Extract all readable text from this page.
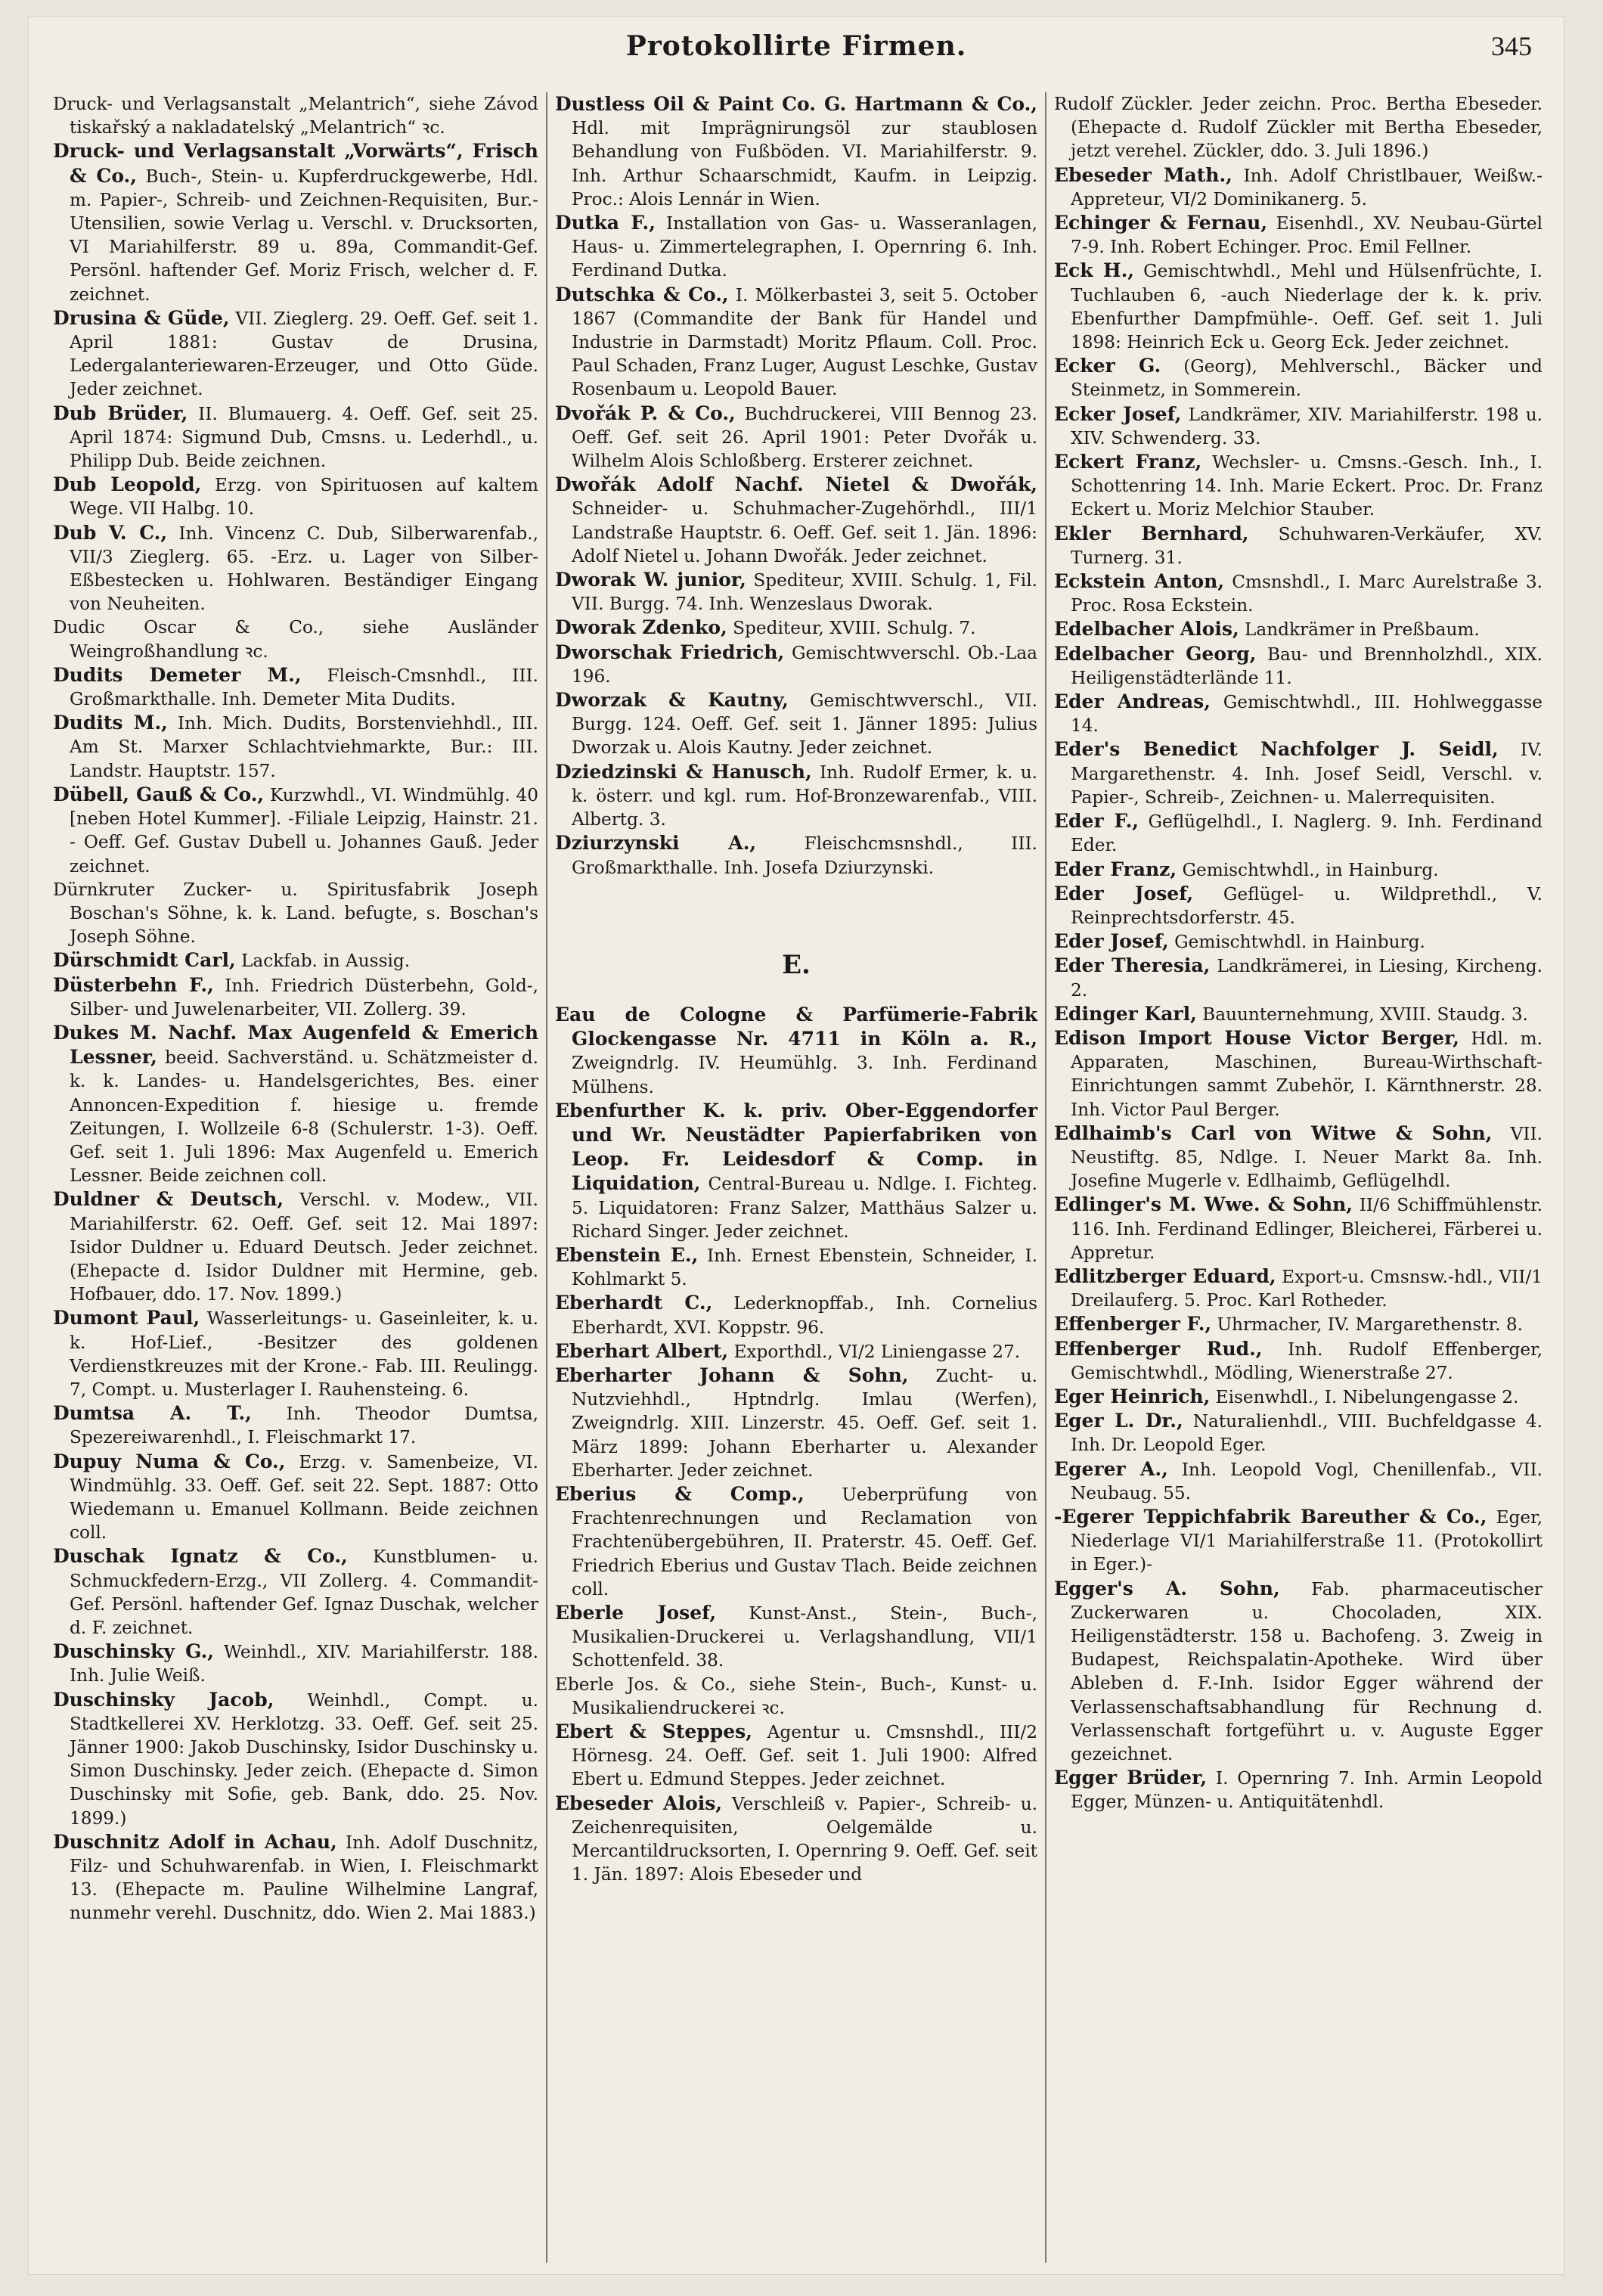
Protokollirte Firmen.	345

Druck- und Verlagsanstalt „Melantrich“, siehe Závod tiskařský a nakladatelský „Melantrich“ ꝛc.

Druck- und Verlagsanstalt „Vorwärts“, Frisch & Co., Buch-, Stein- u. Kupferdruckgewerbe, Hdl. m. Papier-, Schreib- und Zeichnen-Requisiten, Bur.-Utensilien, sowie Verlag u. Verschl. v. Drucksorten, VI Mariahilferstr. 89 u. 89a, Commandit-Gef. Persönl. haftender Gef. Moriz Frisch, welcher d. F. zeichnet.

Drusina & Güde, VII. Zieglerg. 29. Oeff. Gef. seit 1. April 1881: Gustav de Drusina, Ledergalanteriewaren-Erzeuger, und Otto Güde. Jeder zeichnet.

Dub Brüder, II. Blumauerg. 4. Oeff. Gef. seit 25. April 1874: Sigmund Dub, Cmsns. u. Lederhdl., u. Philipp Dub. Beide zeichnen.

Dub Leopold, Erzg. von Spirituosen auf kaltem Wege. VII Halbg. 10.

Dub V. C., Inh. Vincenz C. Dub, Silberwarenfab., VII/3 Zieglerg. 65. -Erz. u. Lager von Silber-Eßbestecken u. Hohlwaren. Beständiger Eingang von Neuheiten.

Dudic Oscar & Co., siehe Ausländer Weingroßhandlung ꝛc.

Dudits Demeter M., Fleisch-Cmsnhdl., III. Großmarkthalle. Inh. Demeter Mita Dudits.

Dudits M., Inh. Mich. Dudits, Borstenviehhdl., III. Am St. Marxer Schlachtviehmarkte, Bur.: III. Landstr. Hauptstr. 157.

Dübell, Gauß & Co., Kurzwhdl., VI. Windmühlg. 40 [neben Hotel Kummer]. -Filiale Leipzig, Hainstr. 21. - Oeff. Gef. Gustav Dubell u. Johannes Gauß. Jeder zeichnet.

Dürnkruter Zucker- u. Spiritusfabrik Joseph Boschan's Söhne, k. k. Land. befugte, s. Boschan's Joseph Söhne.

Dürschmidt Carl, Lackfab. in Aussig.

Düsterbehn F., Inh. Friedrich Düsterbehn, Gold-, Silber- und Juwelenarbeiter, VII. Zollerg. 39.

Dukes M. Nachf. Max Augenfeld & Emerich Lessner, beeid. Sachverständ. u. Schätzmeister d. k. k. Landes- u. Handelsgerichtes, Bes. einer Annoncen-Expedition f. hiesige u. fremde Zeitungen, I. Wollzeile 6-8 (Schulerstr. 1-3). Oeff. Gef. seit 1. Juli 1896: Max Augenfeld u. Emerich Lessner. Beide zeichnen coll.

Duldner & Deutsch, Verschl. v. Modew., VII. Mariahilferstr. 62. Oeff. Gef. seit 12. Mai 1897: Isidor Duldner u. Eduard Deutsch. Jeder zeichnet. (Ehepacte d. Isidor Duldner mit Hermine, geb. Hofbauer, ddo. 17. Nov. 1899.)

Dumont Paul, Wasserleitungs- u. Gaseinleiter, k. u. k. Hof-Lief., -Besitzer des goldenen Verdienstkreuzes mit der Krone.- Fab. III. Reulingg. 7, Compt. u. Musterlager I. Rauhensteing. 6.

Dumtsa A. T., Inh. Theodor Dumtsa, Spezereiwarenhdl., I. Fleischmarkt 17.

Dupuy Numa & Co., Erzg. v. Samenbeize, VI. Windmühlg. 33. Oeff. Gef. seit 22. Sept. 1887: Otto Wiedemann u. Emanuel Kollmann. Beide zeichnen coll.

Duschak Ignatz & Co., Kunstblumen- u. Schmuckfedern-Erzg., VII Zollerg. 4. Commandit-Gef. Persönl. haftender Gef. Ignaz Duschak, welcher d. F. zeichnet.

Duschinsky G., Weinhdl., XIV. Mariahilferstr. 188. Inh. Julie Weiß.

Duschinsky Jacob, Weinhdl., Compt. u. Stadtkellerei XV. Herklotzg. 33. Oeff. Gef. seit 25. Jänner 1900: Jakob Duschinsky, Isidor Duschinsky u. Simon Duschinsky. Jeder zeich. (Ehepacte d. Simon Duschinsky mit Sofie, geb. Bank, ddo. 25. Nov. 1899.)

Duschnitz Adolf in Achau, Inh. Adolf Duschnitz, Filz- und Schuhwarenfab. in Wien, I. Fleischmarkt 13. (Ehepacte m. Pauline Wilhelmine Langraf, nunmehr verehl. Duschnitz, ddo. Wien 2. Mai 1883.)

Dustless Oil & Paint Co. G. Hartmann & Co., Hdl. mit Imprägnirungsöl zur staublosen Behandlung von Fußböden. VI. Mariahilferstr. 9. Inh. Arthur Schaarschmidt, Kaufm. in Leipzig. Proc.: Alois Lennár in Wien.

Dutka F., Installation von Gas- u. Wasseranlagen, Haus- u. Zimmertelegraphen, I. Opernring 6. Inh. Ferdinand Dutka.

Dutschka & Co., I. Mölkerbastei 3, seit 5. October 1867 (Commandite der Bank für Handel und Industrie in Darmstadt) Moritz Pflaum. Coll. Proc. Paul Schaden, Franz Luger, August Leschke, Gustav Rosenbaum u. Leopold Bauer.

Dvořák P. & Co., Buchdruckerei, VIII Bennog 23. Oeff. Gef. seit 26. April 1901: Peter Dvořák u. Wilhelm Alois Schloßberg. Ersterer zeichnet.

Dwořák Adolf Nachf. Nietel & Dwořák, Schneider- u. Schuhmacher-Zugehörhdl., III/1 Landstraße Hauptstr. 6. Oeff. Gef. seit 1. Jän. 1896: Adolf Nietel u. Johann Dwořák. Jeder zeichnet.

Dworak W. junior, Spediteur, XVIII. Schulg. 1, Fil. VII. Burgg. 74. Inh. Wenzeslaus Dworak.

Dworak Zdenko, Spediteur, XVIII. Schulg. 7.

Dworschak Friedrich, Gemischtwverschl. Ob.-Laa 196.

Dworzak & Kautny, Gemischtwverschl., VII. Burgg. 124. Oeff. Gef. seit 1. Jänner 1895: Julius Dworzak u. Alois Kautny. Jeder zeichnet.

Dziedzinski & Hanusch, Inh. Rudolf Ermer, k. u. k. österr. und kgl. rum. Hof-Bronzewarenfab., VIII. Albertg. 3.

Dziurzynski A.,	Fleischcmsnshdl., III. Großmarkthalle. Inh. Josefa Dziurzynski.

E.

Eau de Cologne & Parfümerie-Fabrik Glockengasse Nr. 4711 in Köln a. R., Zweigndrlg. IV. Heumühlg. 3. Inh. Ferdinand Mülhens.

Ebenfurther K. k. priv. Ober-Eggendorfer und Wr. Neustädter Papierfabriken von Leop. Fr. Leidesdorf & Comp. in Liquidation, Central-Bureau u. Ndlge. I. Fichteg. 5. Liquidatoren: Franz Salzer, Matthäus Salzer u. Richard Singer. Jeder zeichnet.

Ebenstein E., Inh. Ernest Ebenstein, Schneider, I. Kohlmarkt 5.

Eberhardt C., Lederknopffab., Inh. Cornelius Eberhardt, XVI. Koppstr. 96.

Eberhart Albert, Exporthdl., VI/2 Liniengasse 27.

Eberharter Johann & Sohn, Zucht- u. Nutzviehhdl., Hptndrlg. Imlau (Werfen), Zweigndrlg. XIII. Linzerstr. 45. Oeff. Gef. seit 1. März 1899: Johann Eberharter u. Alexander Eberharter. Jeder zeichnet.

Eberius & Comp., Ueberprüfung von Frachtenrechnungen und Reclamation von Frachtenübergebühren, II. Praterstr. 45. Oeff. Gef. Friedrich Eberius und Gustav Tlach. Beide zeichnen coll.

Eberle Josef, Kunst-Anst., Stein-, Buch-, Musikalien-Druckerei u. Verlagshandlung, VII/1 Schottenfeld. 38.

Eberle Jos. & Co., siehe Stein-, Buch-, Kunst- u. Musikaliendruckerei ꝛc.

Ebert & Steppes, Agentur u. Cmsnshdl., III/2 Hörnesg. 24. Oeff. Gef. seit 1. Juli 1900: Alfred Ebert u. Edmund Steppes. Jeder zeichnet.

Ebeseder Alois, Verschleiß v. Papier-, Schreib- u. Zeichenrequisiten, Oelgemälde u. Mercantildrucksorten, I. Opernring 9. Oeff. Gef. seit 1. Jän. 1897: Alois Ebeseder und

Rudolf Zückler. Jeder zeichn. Proc. Bertha Ebeseder. (Ehepacte d. Rudolf Zückler mit Bertha Ebeseder, jetzt verehel. Zückler, ddo. 3. Juli 1896.)

Ebeseder Math., Inh. Adolf Christlbauer, Weißw.-Appreteur, VI/2 Dominikanerg. 5.

Echinger & Fernau, Eisenhdl., XV. Neubau-Gürtel 7-9. Inh. Robert Echinger. Proc. Emil Fellner.

Eck H., Gemischtwhdl., Mehl und Hülsenfrüchte, I. Tuchlauben 6, -auch Niederlage der k. k. priv. Ebenfurther Dampfmühle-. Oeff. Gef. seit 1. Juli 1898: Heinrich Eck u. Georg Eck. Jeder zeichnet.

Ecker G. (Georg), Mehlverschl., Bäcker und Steinmetz, in Sommerein.

Ecker Josef, Landkrämer, XIV. Mariahilferstr. 198 u. XIV. Schwenderg. 33.

Eckert Franz, Wechsler- u. Cmsns.-Gesch. Inh., I. Schottenring 14. Inh. Marie Eckert. Proc. Dr. Franz Eckert u. Moriz Melchior Stauber.

Ekler Bernhard, Schuhwaren-Verkäufer, XV. Turnerg. 31.

Eckstein Anton, Cmsnshdl., I. Marc Aurelstraße 3. Proc. Rosa Eckstein.

Edelbacher Alois, Landkrämer in Preßbaum.

Edelbacher Georg, Bau- und Brennholzhdl., XIX. Heiligenstädterlände 11.

Eder Andreas, Gemischtwhdl., III. Hohlweggasse 14.

Eder's Benedict Nachfolger J. Seidl, IV. Margarethenstr. 4. Inh. Josef Seidl, Verschl. v. Papier-, Schreib-, Zeichnen- u. Malerrequisiten.

Eder F., Geflügelhdl., I. Naglerg. 9. Inh. Ferdinand Eder.

Eder Franz, Gemischtwhdl., in Hainburg.

Eder Josef, Geflügel- u. Wildprethdl., V. Reinprechtsdorferstr. 45.

Eder Josef, Gemischtwhdl. in Hainburg.

Eder Theresia, Landkrämerei, in Liesing, Kircheng. 2.

Edinger Karl, Bauunternehmung, XVIII. Staudg. 3.

Edison Import House Victor Berger, Hdl. m. Apparaten, Maschinen, Bureau-Wirthschaft-Einrichtungen sammt Zubehör, I. Kärnthnerstr. 28. Inh. Victor Paul Berger.

Edlhaimb's Carl von Witwe & Sohn, VII. Neustiftg. 85, Ndlge. I. Neuer Markt 8a. Inh. Josefine Mugerle v. Edlhaimb, Geflügelhdl.

Edlinger's M. Wwe. & Sohn, II/6 Schiffmühlenstr. 116. Inh. Ferdinand Edlinger, Bleicherei, Färberei u. Appretur.

Edlitzberger Eduard, Export-u. Cmsnsw.-hdl., VII/1 Dreilauferg. 5. Proc. Karl Rotheder.

Effenberger F., Uhrmacher, IV. Margarethenstr. 8.

Effenberger Rud., Inh. Rudolf Effenberger, Gemischtwhdl., Mödling, Wienerstraße 27.

Eger Heinrich, Eisenwhdl., I. Nibelungengasse 2.

Eger L. Dr., Naturalienhdl., VIII. Buchfeldgasse 4. Inh. Dr. Leopold Eger.

Egerer A., Inh. Leopold Vogl, Chenillenfab., VII. Neubaug. 55.

-Egerer Teppichfabrik Bareuther & Co., Eger, Niederlage VI/1 Mariahilferstraße 11. (Protokollirt in Eger.)-

Egger's A. Sohn, Fab. pharmaceutischer Zuckerwaren u. Chocoladen, XIX. Heiligenstädterstr. 158 u. Bachofeng. 3. Zweig in Budapest, Reichspalatin-Apotheke. Wird über Ableben d. F.-Inh. Isidor Egger während der Verlassenschaftsabhandlung für Rechnung d. Verlassenschaft fortgeführt u. v. Auguste Egger gezeichnet.

Egger Brüder, I. Opernring 7. Inh. Armin Leopold Egger, Münzen- u. Antiquitätenhdl.
